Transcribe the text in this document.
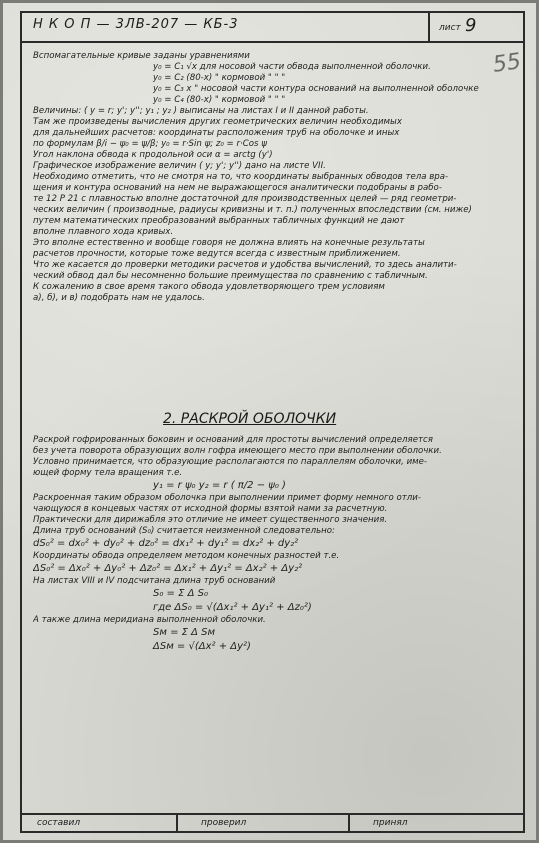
Н К О П — 3ЛВ-207 — КБ-3	лист 9
55
Вспомагательные кривые заданы уравнениями
y₀ = C₁ √x для носовой части обвода выполненной оболочки.
y₀ = C₂ (80-x) " кормовой " " "
y₀ = C₃ x " носовой части контура оснований на выполненной оболочке
y₀ = C₄ (80-x) " кормовой " " "
Величины: ( y = r; y'; y''; y₁ ; y₂ ) выписаны на листах I и II данной работы.
Там же произведены вычисления других геометрических величин необходимых
для дальнейших расчетов: координаты расположения труб на оболочке и иных
по формулам β/i − ψ₀ = ψ/β; y₀ = r·Sin ψ; z₀ = r·Cos ψ
Угол наклона обвода к продольной оси α = arctg (y')
Графическое изображение величин ( y; y'; y'') дано на листе VII.
Необходимо отметить, что не смотря на то, что координаты выбранных обводов тела вра-
щения и контура оснований на нем не выражающегося аналитически подобраны в рабо-
те 12 Р 21 с плавностью вполне достаточной для производственных целей — ряд геометри-
ческих величин ( производные, радиусы кривизны и т. п.) полученных впоследствии (см. ниже)
путем математических преобразований выбранных табличных функций не дают
вполне плавного хода кривых.
Это вполне естественно и вообще говоря не должна влиять на конечные результаты
расчетов прочности, которые тоже ведутся всегда с известным приближением.
Что же касается до проверки методики расчетов и удобства вычислений, то здесь аналити-
ческий обвод дал бы несомненно большие преимущества по сравнению с табличным.
К сожалению в свое время такого обвода удовлетворяющего трем условиям
а), б), и в) подобрать нам не удалось.
2. РАСКРОЙ ОБОЛОЧКИ
Раскрой гофрированных боковин и оснований для простоты вычислений определяется
без учета поворота образующих волн гофра имеющего место при выполнении оболочки.
Условно принимается, что образующие располагаются по параллелям оболочки, име-
ющей форму тела вращения т.е.
y₁ = r ψ₀ y₂ = r ( π/2 − ψ₀ )
Раскроенная таким образом оболочка при выполнении примет форму немного отли-
чающуюся в концевых частях от исходной формы взятой нами за расчетную.
Практически для дирижабля это отличие не имеет существенного значения.
Длина труб оснований (S₀) считается неизменной следовательно:
dS₀² = dx₀² + dy₀² + dz₀² = dx₁² + dy₁² = dx₂² + dy₂²
Координаты обвода определяем методом конечных разностей т.е.
ΔS₀² = Δx₀² + Δy₀² + Δz₀² = Δx₁² + Δy₁² = Δx₂² + Δy₂²
На листах VIII и IV подсчитана длина труб оснований
S₀ = Σ Δ S₀
где ΔS₀ = √(Δx₁² + Δy₁² + Δz₀²)
А также длина меридиана выполненной оболочки.
Sм = Σ Δ Sм
ΔSм = √(Δx² + Δy²)
составил	проверил	принял
